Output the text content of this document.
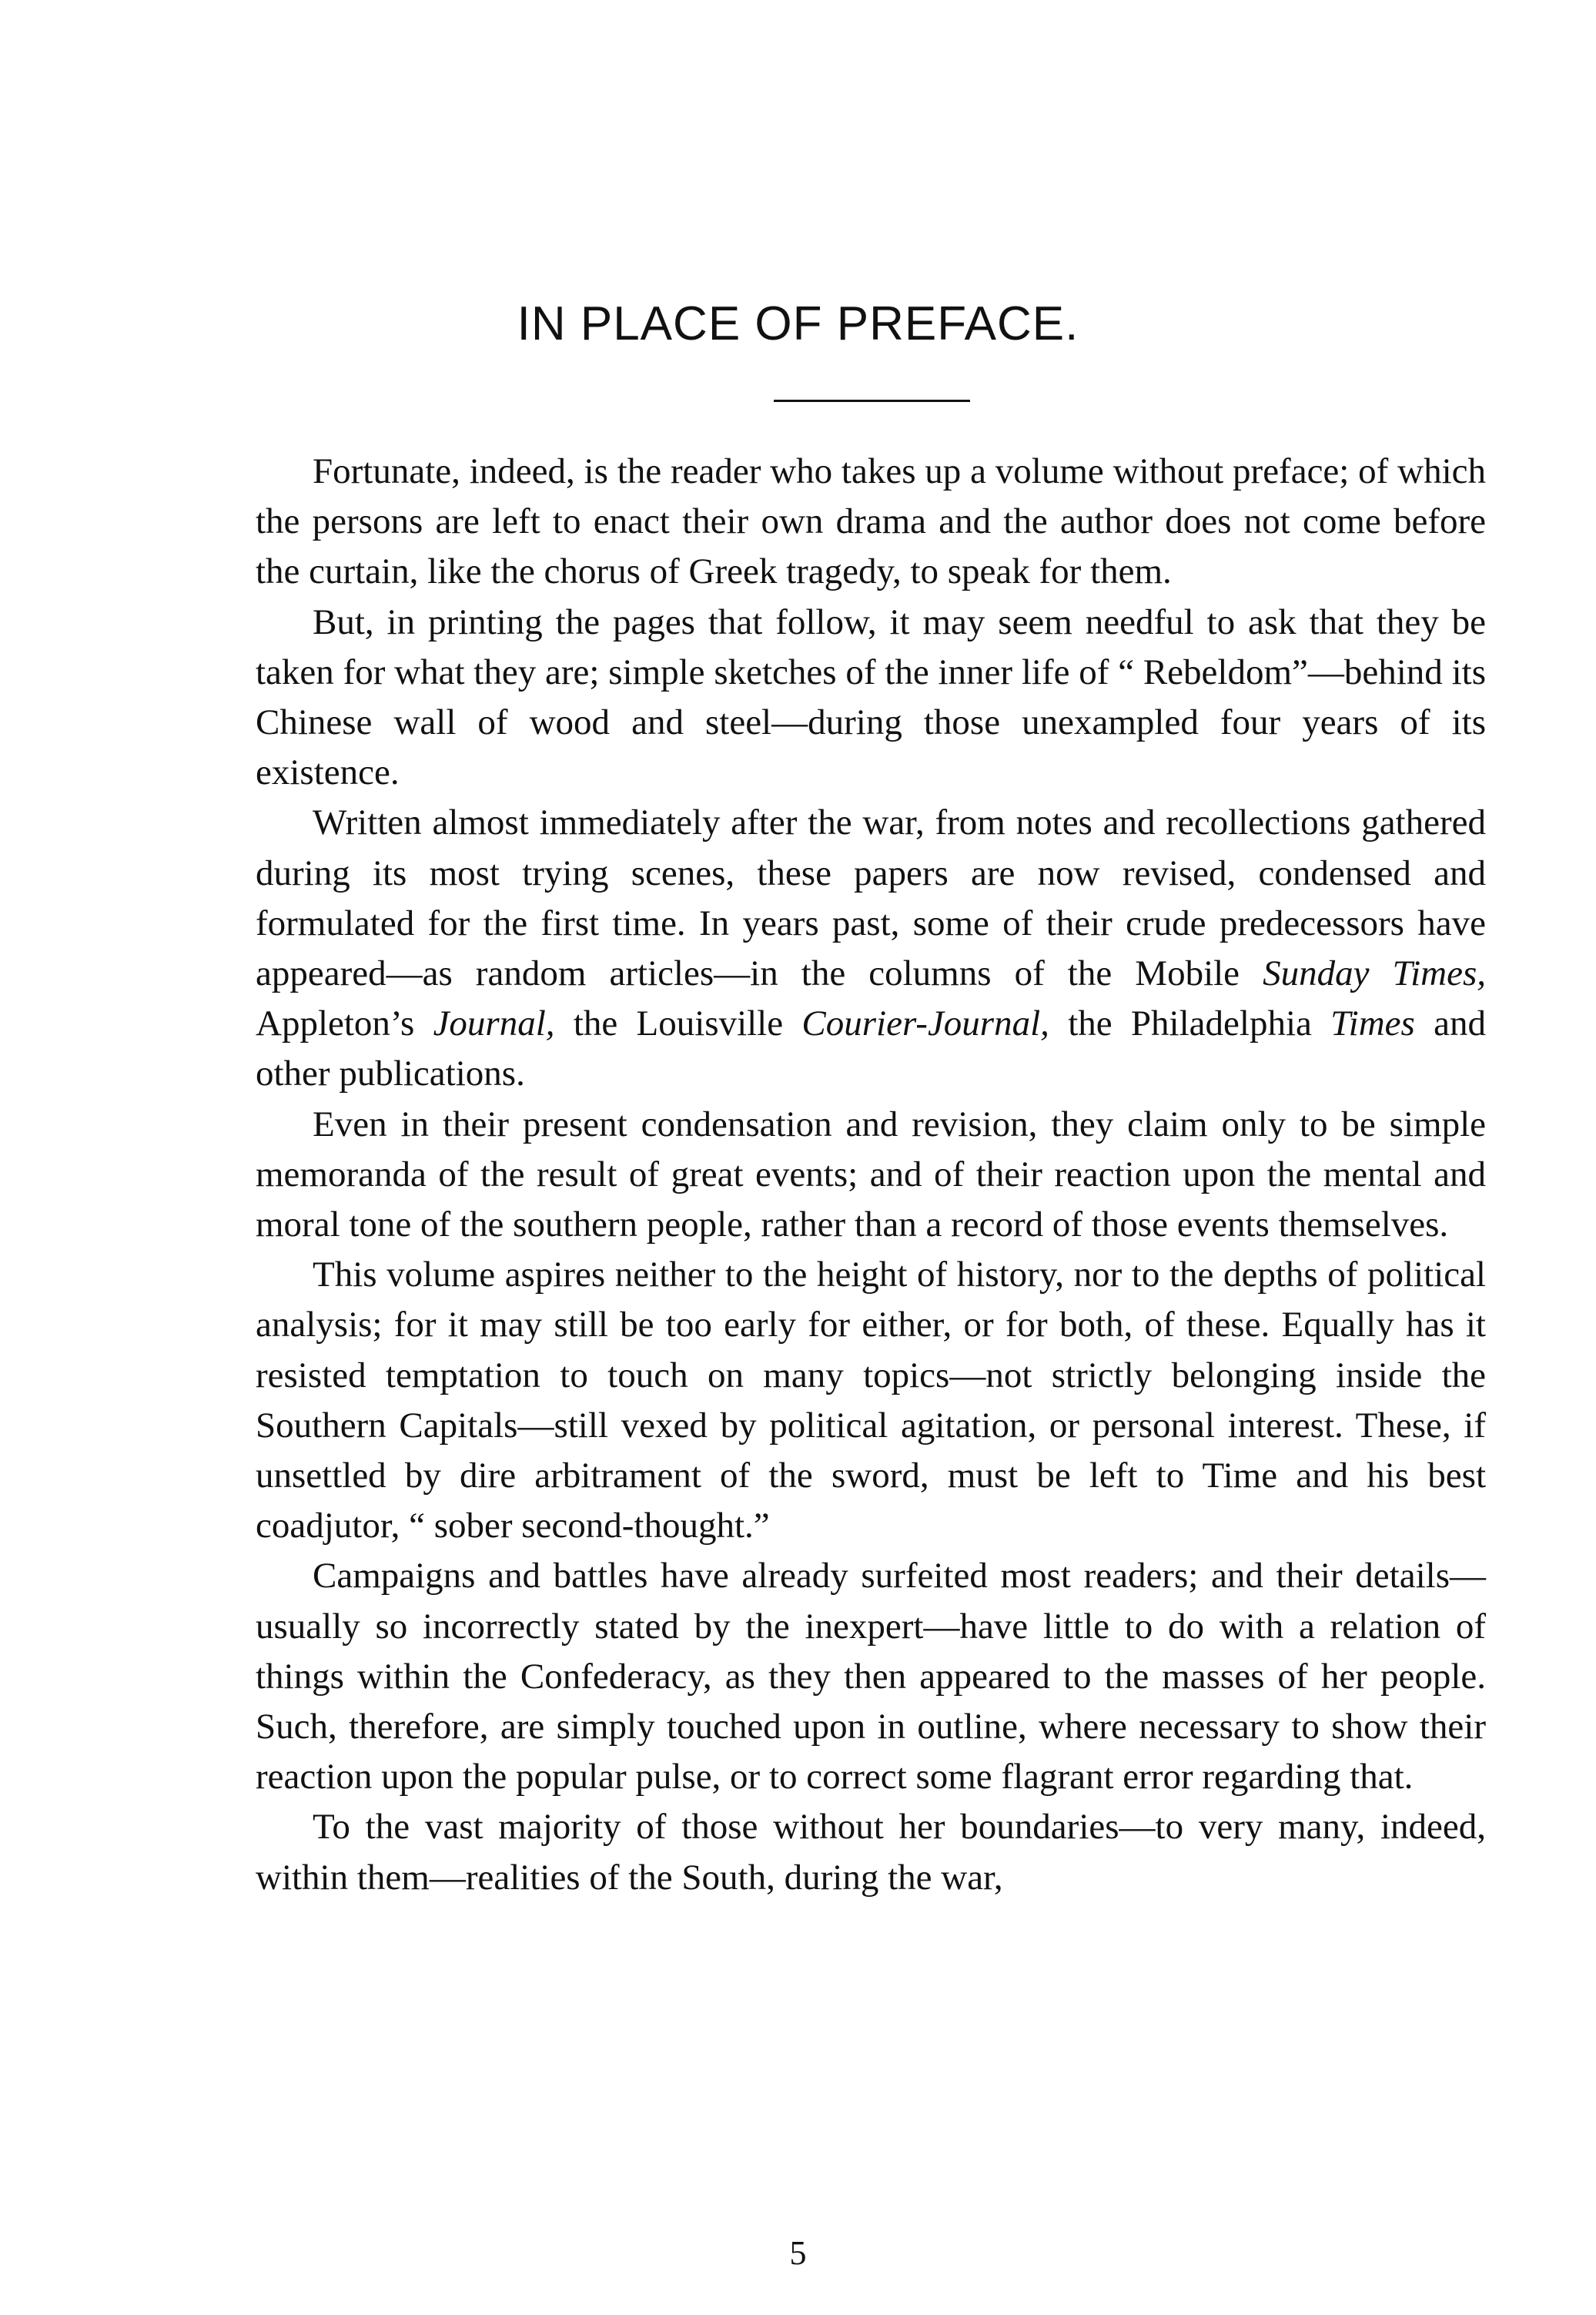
IN PLACE OF PREFACE.

Fortunate, indeed, is the reader who takes up a volume without preface; of which the persons are left to enact their own drama and the author does not come before the curtain, like the chorus of Greek tragedy, to speak for them.

But, in printing the pages that follow, it may seem needful to ask that they be taken for what they are; simple sketches of the inner life of “ Rebeldom”—behind its Chinese wall of wood and steel—during those unexampled four years of its existence.

Written almost immediately after the war, from notes and recollections gathered during its most trying scenes, these papers are now revised, condensed and formulated for the first time. In years past, some of their crude predecessors have appeared—as random articles—in the columns of the Mobile Sunday Times, Appleton’s Journal, the Louisville Courier-Journal, the Philadelphia Times and other publications.

Even in their present condensation and revision, they claim only to be simple memoranda of the result of great events; and of their reaction upon the mental and moral tone of the southern people, rather than a record of those events themselves.

This volume aspires neither to the height of history, nor to the depths of political analysis; for it may still be too early for either, or for both, of these. Equally has it resisted temptation to touch on many topics—not strictly belonging inside the Southern Capitals—still vexed by political agitation, or personal interest. These, if unsettled by dire arbitrament of the sword, must be left to Time and his best coadjutor, “ sober second-thought.”

Campaigns and battles have already surfeited most readers; and their details—usually so incorrectly stated by the inexpert—have little to do with a relation of things within the Confederacy, as they then appeared to the masses of her people. Such, therefore, are simply touched upon in outline, where necessary to show their reaction upon the popular pulse, or to correct some flagrant error regarding that.

To the vast majority of those without her boundaries—to very many, indeed, within them—realities of the South, during the war,

5
